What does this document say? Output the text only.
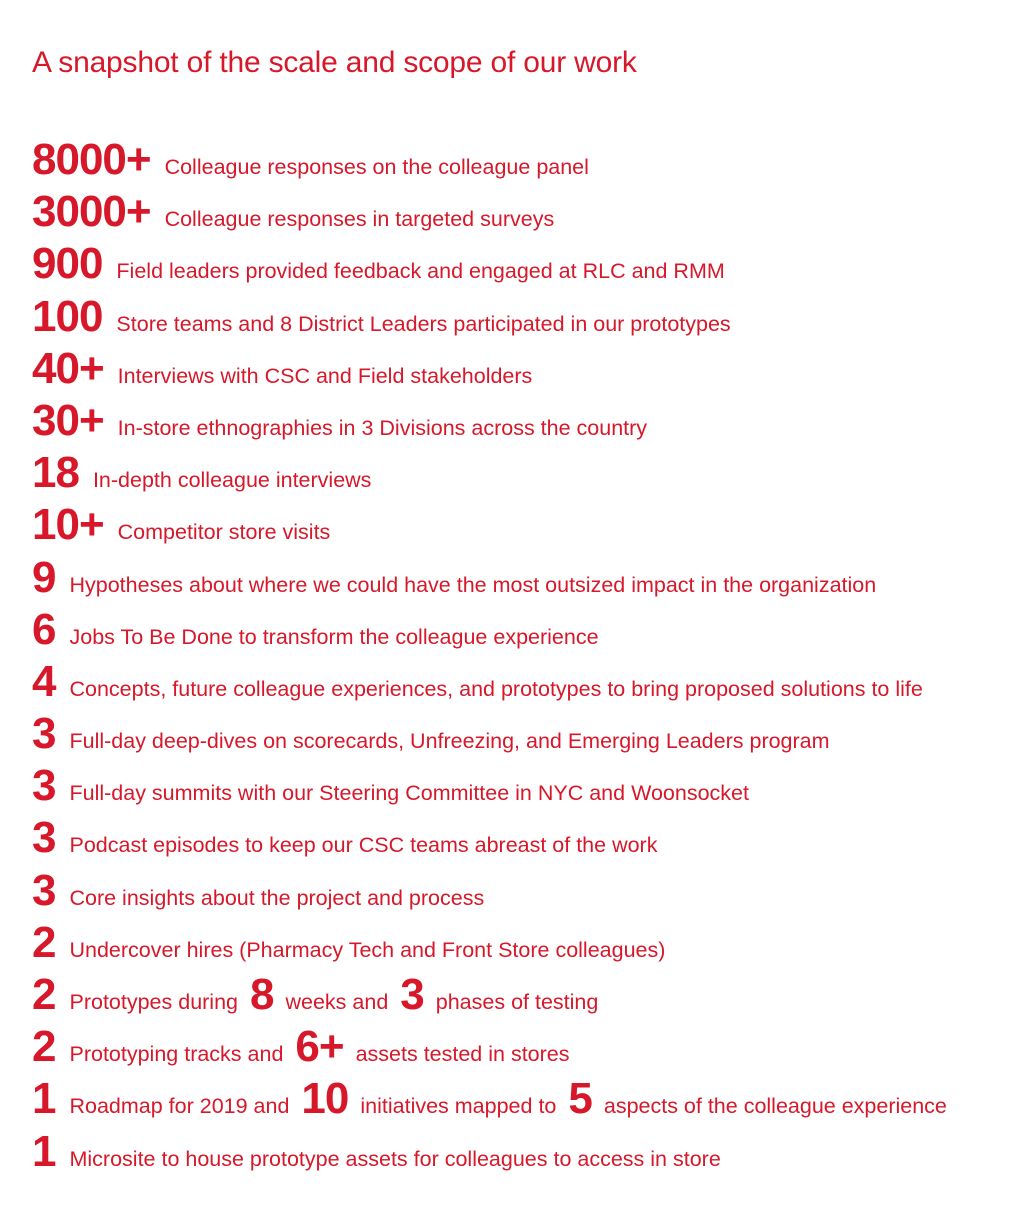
A snapshot of the scale and scope of our work
8000+ Colleague responses on the colleague panel
3000+ Colleague responses in targeted surveys
900 Field leaders provided feedback and engaged at RLC and RMM
100 Store teams and 8 District Leaders participated in our prototypes
40+ Interviews with CSC and Field stakeholders
30+ In-store ethnographies in 3 Divisions across the country
18 In-depth colleague interviews
10+ Competitor store visits
9 Hypotheses about where we could have the most outsized impact in the organization
6 Jobs To Be Done to transform the colleague experience
4 Concepts, future colleague experiences, and prototypes to bring proposed solutions to life
3 Full-day deep-dives on scorecards, Unfreezing, and Emerging Leaders program
3 Full-day summits with our Steering Committee in NYC and Woonsocket
3 Podcast episodes to keep our CSC teams abreast of the work
3 Core insights about the project and process
2 Undercover hires (Pharmacy Tech and Front Store colleagues)
2 Prototypes during 8 weeks and 3 phases of testing
2 Prototyping tracks and 6+ assets tested in stores
1 Roadmap for 2019 and 10 initiatives mapped to 5 aspects of the colleague experience
1 Microsite to house prototype assets for colleagues to access in store
